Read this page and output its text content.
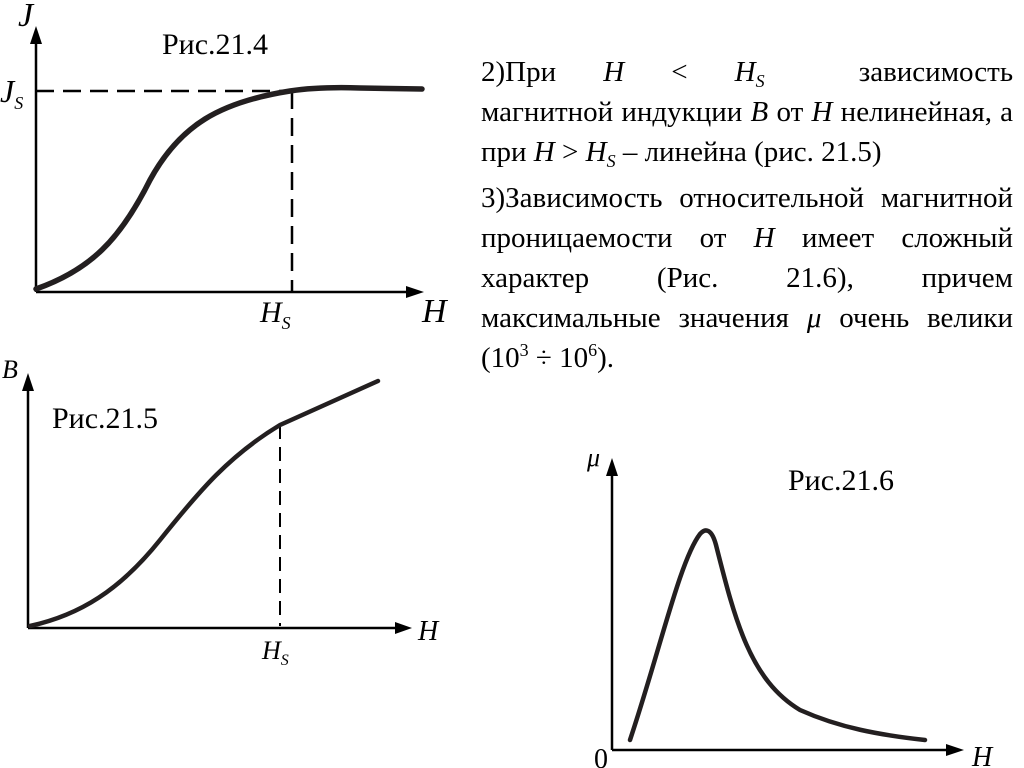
J
$J_S$
Рис.21.4
$H_S$	H
B
Рис.21.5
$H_S$
H
μ
Рис.21.6
0	H

2)При $H < H_S$	зависимость магнитной индукции B от H нелинейная, а при $H > H_S$ – линейна (рис. 21.5)

3)Зависимость относительной магнитной проницаемости от H имеет сложный характер (Рис. 21.6), причем максимальные значения μ очень велики $(10^3 \div 10^6)$.
